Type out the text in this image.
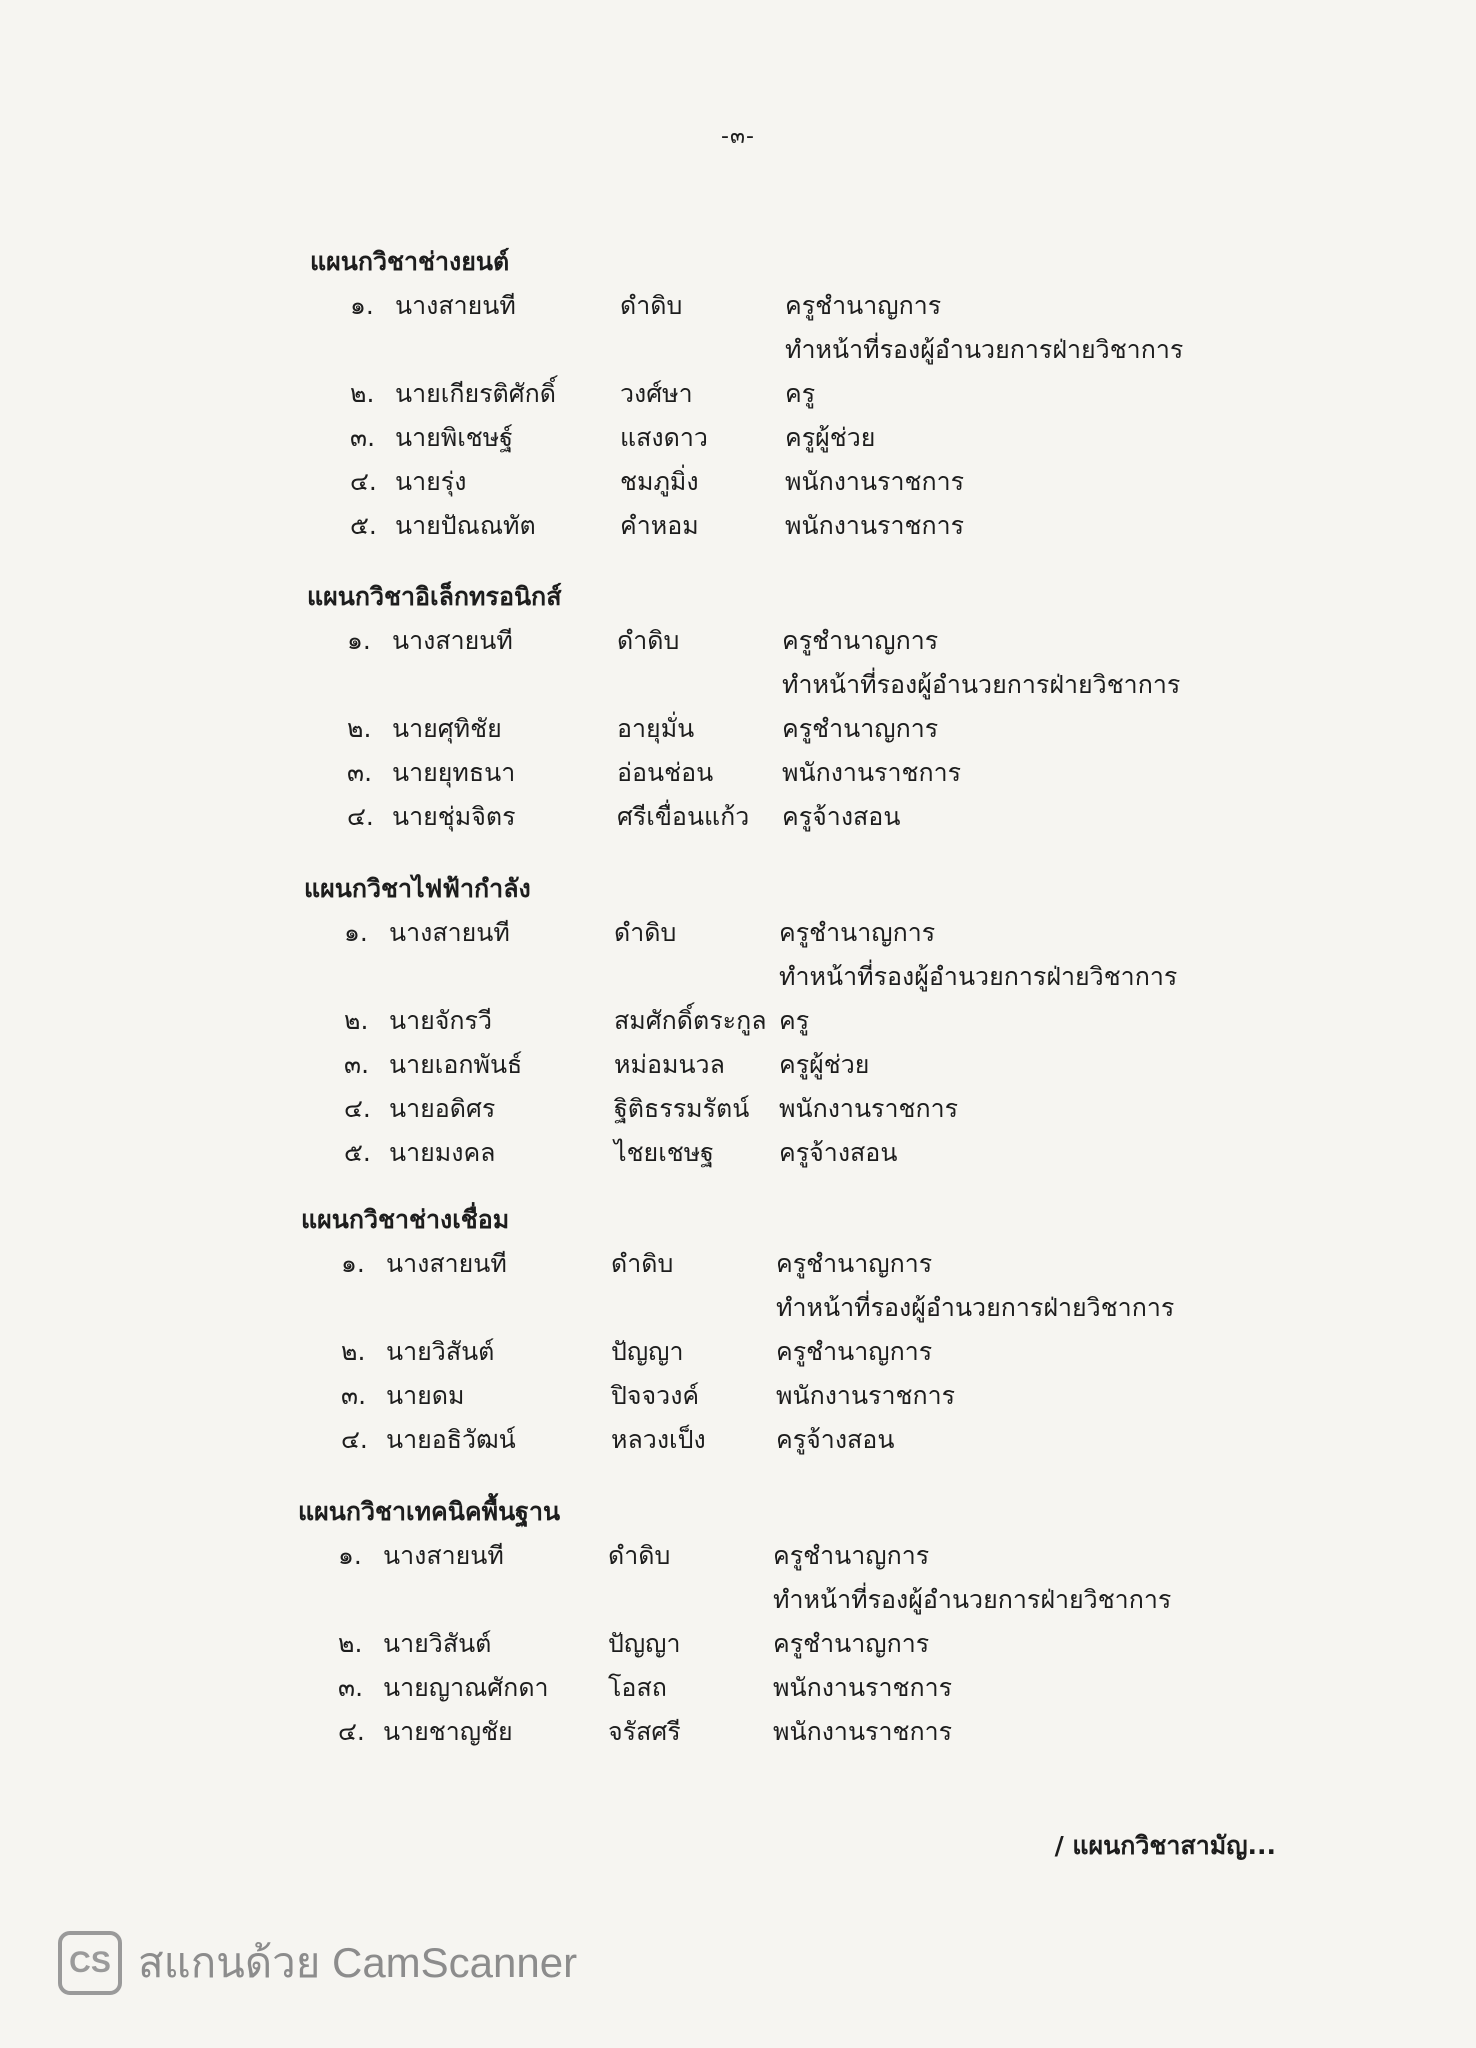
-๓-
แผนกวิชาช่างยนต์
๑. นางสายนที	ดำดิบ	ครูชำนาญการ
ทำหน้าที่รองผู้อำนวยการฝ่ายวิชาการ
๒. นายเกียรติศักดิ์	วงศ์ษา	ครู
๓. นายพิเชษฐ์	แสงดาว	ครูผู้ช่วย
๔. นายรุ่ง	ชมภูมิ่ง	พนักงานราชการ
๕. นายปัณณทัต	คำหอม	พนักงานราชการ
แผนกวิชาอิเล็กทรอนิกส์
๑. นางสายนที	ดำดิบ	ครูชำนาญการ
ทำหน้าที่รองผู้อำนวยการฝ่ายวิชาการ
๒. นายศุทิชัย	อายุมั่น	ครูชำนาญการ
๓. นายยุทธนา	อ่อนช่อน	พนักงานราชการ
๔. นายชุ่มจิตร	ศรีเขื่อนแก้ว ครูจ้างสอน
แผนกวิชาไฟฟ้ากำลัง
๑. นางสายนที	ดำดิบ	ครูชำนาญการ
ทำหน้าที่รองผู้อำนวยการฝ่ายวิชาการ
๒. นายจักรวี	สมศักดิ์ตระกูล ครู
๓. นายเอกพันธ์	หม่อมนวล ครูผู้ช่วย
๔. นายอดิศร	ฐิติธรรมรัตน์ พนักงานราชการ
๕. นายมงคล	ไชยเชษฐ	ครูจ้างสอน
แผนกวิชาช่างเชื่อม
๑. นางสายนที	ดำดิบ	ครูชำนาญการ
ทำหน้าที่รองผู้อำนวยการฝ่ายวิชาการ
๒. นายวิสันต์	ปัญญา	ครูชำนาญการ
๓. นายดม	ปิจจวงค์	พนักงานราชการ
๔. นายอธิวัฒน์	หลวงเป็ง	ครูจ้างสอน
แผนกวิชาเทคนิคพื้นฐาน
๑. นางสายนที	ดำดิบ	ครูชำนาญการ
ทำหน้าที่รองผู้อำนวยการฝ่ายวิชาการ
๒. นายวิสันต์	ปัญญา	ครูชำนาญการ
๓. นายญาณศักดา โอสถ	พนักงานราชการ
๔. นายชาญชัย	จรัสศรี	พนักงานราชการ
/ แผนกวิชาสามัญ...
CS สแกนด้วย CamScanner
